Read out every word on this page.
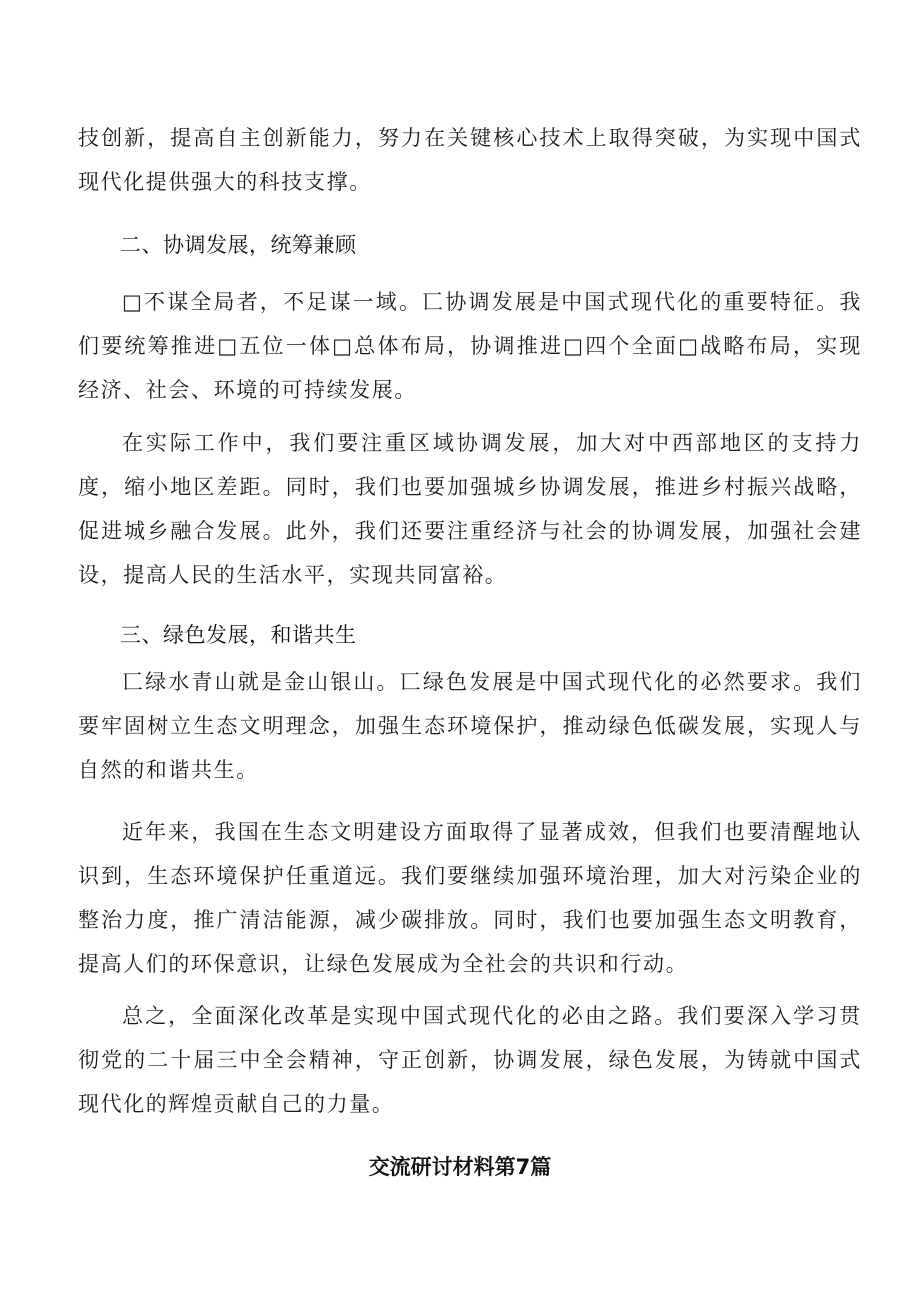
技创新，提高自主创新能力，努力在关键核心技术上取得突破，为实现中国式现代化提供强大的科技支撑。

二、协调发展，统筹兼顾

□不谋全局者，不足谋一域。匸协调发展是中国式现代化的重要特征。我们要统筹推进□五位一体□总体布局，协调推进□四个全面□战略布局，实现经济、社会、环境的可持续发展。

在实际工作中，我们要注重区域协调发展，加大对中西部地区的支持力度，缩小地区差距。同时，我们也要加强城乡协调发展，推进乡村振兴战略，促进城乡融合发展。此外，我们还要注重经济与社会的协调发展，加强社会建设，提高人民的生活水平，实现共同富裕。

三、绿色发展，和谐共生

匸绿水青山就是金山银山。匸绿色发展是中国式现代化的必然要求。我们要牢固树立生态文明理念，加强生态环境保护，推动绿色低碳发展，实现人与自然的和谐共生。

近年来，我国在生态文明建设方面取得了显著成效，但我们也要清醒地认识到，生态环境保护任重道远。我们要继续加强环境治理，加大对污染企业的整治力度，推广清洁能源，减少碳排放。同时，我们也要加强生态文明教育，提高人们的环保意识，让绿色发展成为全社会的共识和行动。

总之，全面深化改革是实现中国式现代化的必由之路。我们要深入学习贯彻党的二十届三中全会精神，守正创新，协调发展，绿色发展，为铸就中国式现代化的辉煌贡献自己的力量。

交流研讨材料第7篇
